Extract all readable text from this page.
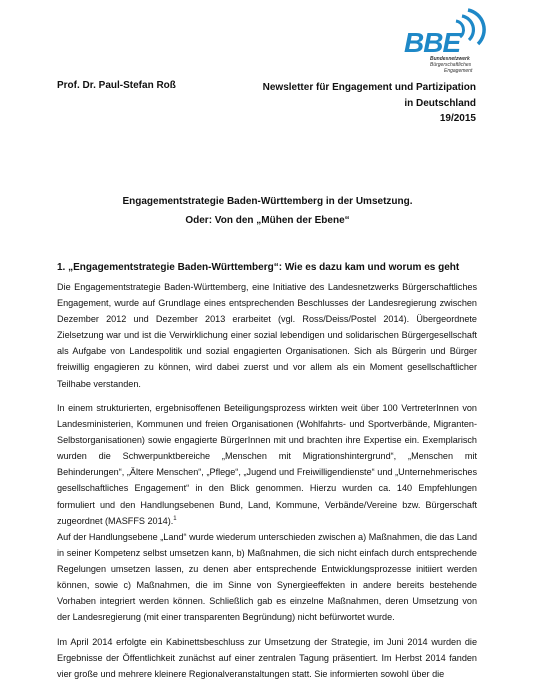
BBE
Bundesnetzwerk
Bürgerschaftliches
Engagement
Prof. Dr. Paul-Stefan Roß	Newsletter für Engagement und Partizipation
in Deutschland
19/2015
Engagementstrategie Baden-Württemberg in der Umsetzung.
Oder: Von den „Mühen der Ebene“
1. „Engagementstrategie Baden-Württemberg“: Wie es dazu kam und worum es geht

Die Engagementstrategie Baden-Württemberg, eine Initiative des Landesnetzwerks Bürgerschaftliches Engagement, wurde auf Grundlage eines entsprechenden Beschlusses der Landesregierung zwischen Dezember 2012 und Dezember 2013 erarbeitet (vgl. Ross/Deiss/Postel 2014). Übergeordnete Zielsetzung war und ist die Verwirklichung einer sozial lebendigen und solidarischen Bürgergesellschaft als Aufgabe von Landespolitik und sozial engagierten Organisationen. Sich als Bürgerin und Bürger freiwillig engagieren zu können, wird dabei zuerst und vor allem als ein Moment gesellschaftlicher Teilhabe verstanden.

In einem strukturierten, ergebnisoffenen Beteiligungsprozess wirkten weit über 100 VertreterInnen von Landesministerien, Kommunen und freien Organisationen (Wohlfahrts- und Sportverbände, Migranten-Selbstorganisationen) sowie engagierte BürgerInnen mit und brachten ihre Expertise ein. Exemplarisch wurden die Schwerpunktbereiche „Menschen mit Migrationshintergrund“, „Menschen mit Behinderungen“, „Ältere Menschen“, „Pflege“, „Jugend und Freiwilligendienste“ und „Unternehmerisches gesellschaftliches Engagement“ in den Blick genommen. Hierzu wurden ca. 140 Empfehlungen formuliert und den Handlungsebenen Bund, Land, Kommune, Verbände/Vereine bzw. Bürgerschaft zugeordnet (MASFFS 2014).$^1$

Auf der Handlungsebene „Land“ wurde wiederum unterschieden zwischen a) Maßnahmen, die das Land in seiner Kompetenz selbst umsetzen kann, b) Maßnahmen, die sich nicht einfach durch entsprechende Regelungen umsetzen lassen, zu denen aber entsprechende Entwicklungsprozesse initiiert werden können, sowie c) Maßnahmen, die im Sinne von Synergieeffekten in andere bereits bestehende Vorhaben integriert werden können. Schließlich gab es einzelne Maßnahmen, deren Umsetzung von der Landesregierung (mit einer transparenten Begründung) nicht befürwortet wurde.

Im April 2014 erfolgte ein Kabinettsbeschluss zur Umsetzung der Strategie, im Juni 2014 wurden die Ergebnisse der Öffentlichkeit zunächst auf einer zentralen Tagung präsentiert. Im Herbst 2014 fanden vier große und mehrere kleinere Regionalveranstaltungen statt. Sie informierten sowohl über die
